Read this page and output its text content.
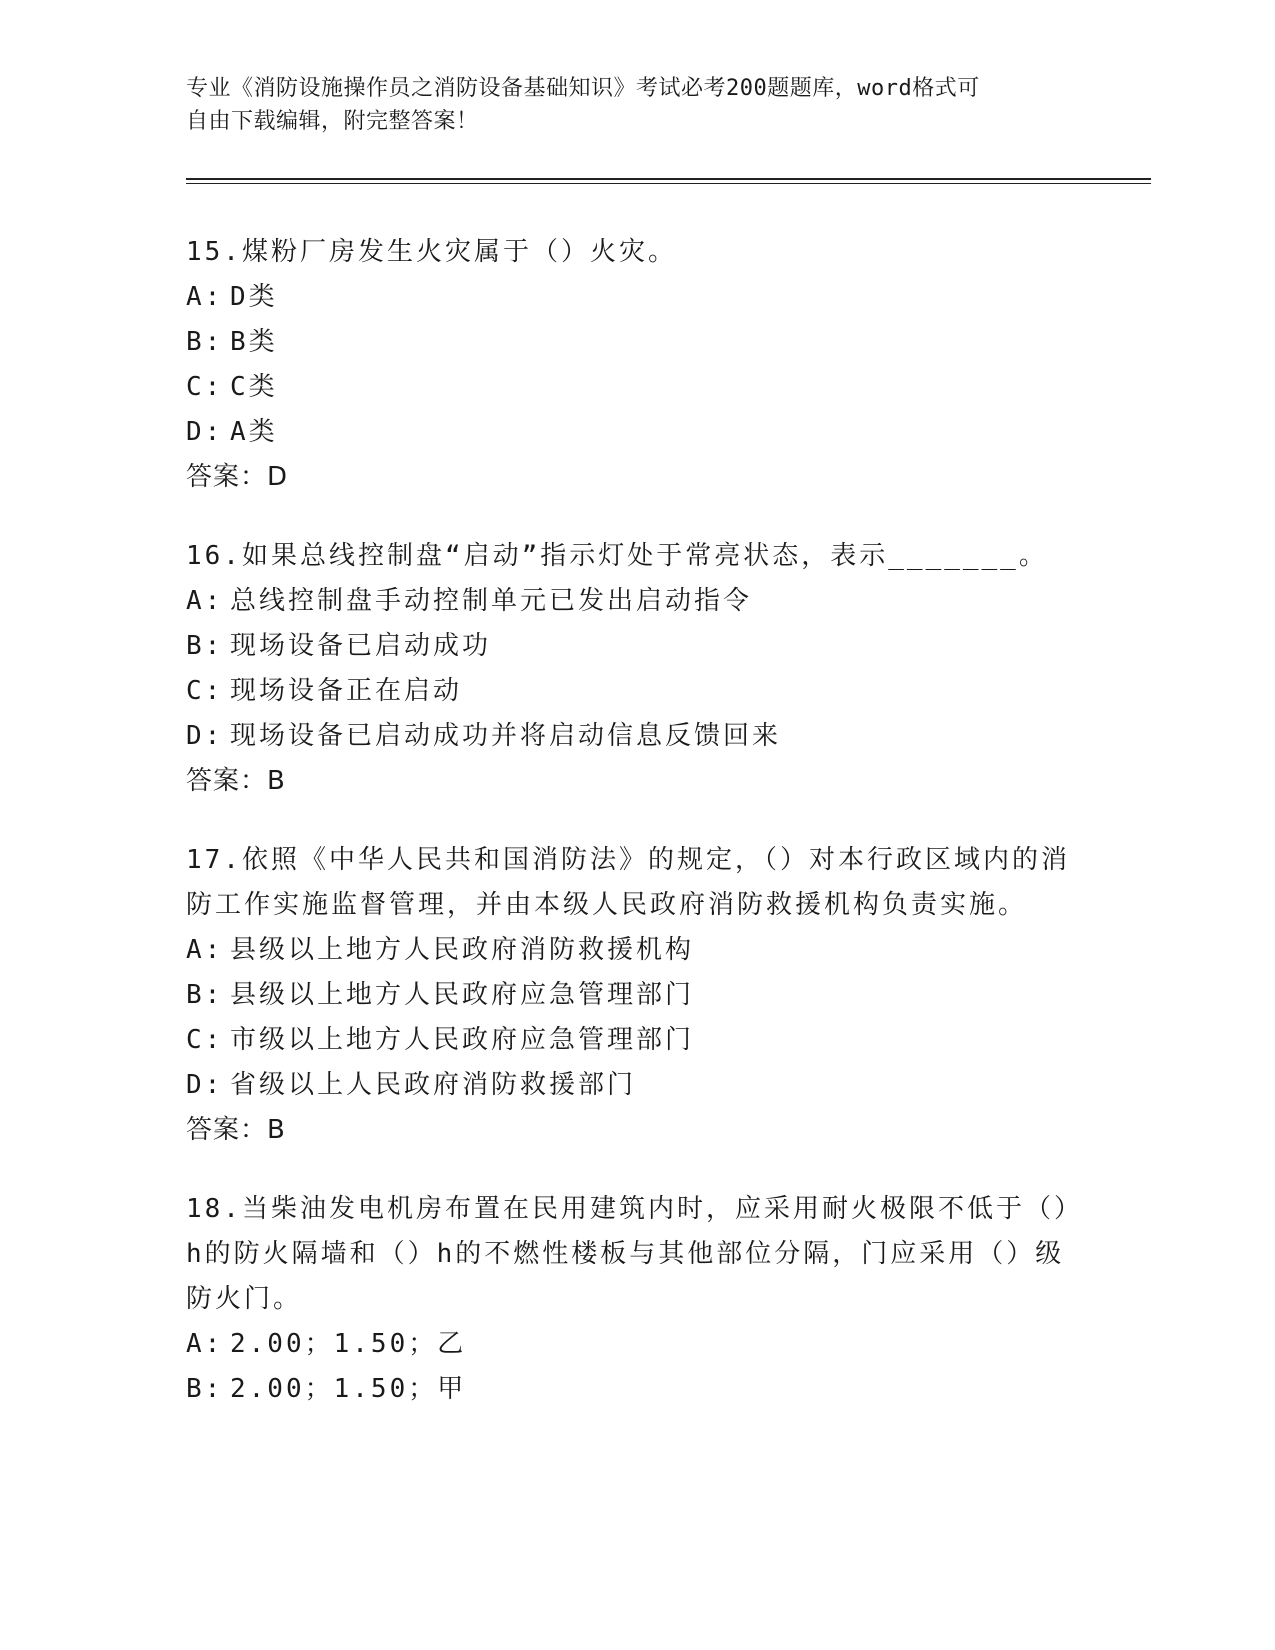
专业《消防设施操作员之消防设备基础知识》考试必考200题题库，word格式可
自由下载编辑，附完整答案！
15.煤粉厂房发生火灾属于（）火灾。
A: D类
B: B类
C: C类
D: A类
答案：D
16.如果总线控制盘“启动”指示灯处于常亮状态，表示_______。
A: 总线控制盘手动控制单元已发出启动指令
B: 现场设备已启动成功
C: 现场设备正在启动
D: 现场设备已启动成功并将启动信息反馈回来
答案：B
17.依照《中华人民共和国消防法》的规定，（）对本行政区域内的消防工作实施监督管理，并由本级人民政府消防救援机构负责实施。
A: 县级以上地方人民政府消防救援机构
B: 县级以上地方人民政府应急管理部门
C: 市级以上地方人民政府应急管理部门
D: 省级以上人民政府消防救援部门
答案：B
18.当柴油发电机房布置在民用建筑内时，应采用耐火极限不低于（）h的防火隔墙和（）h的不燃性楼板与其他部位分隔，门应采用（）级防火门。
A: 2.00；1.50；乙
B: 2.00；1.50；甲
